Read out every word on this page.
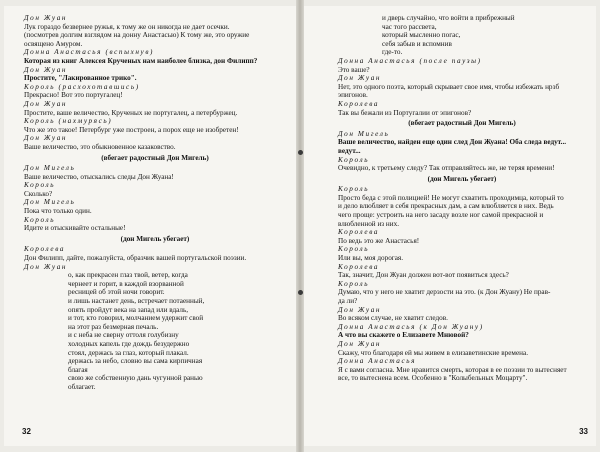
Дон Жуан

Лук гораздо безвернее ружья, к тому же он никогда не дает осечки.

(посмотрев долгим взглядом на донну Анастасью) К тому же, это оружие

освящено Амуром.

Донна Анастасья (вспыхнув)

Которая из книг Алексея Крученых нам наиболее близка, дон Филипп?

Дон Жуан

Простите, "Лакированное трико".

Король (расхохотавшись)

Прекрасно! Вот это португалец!

Дон Жуан

Простите, ваше величество, Крученых не португалец, а петербуржец.

Король (нахмурясь)

Что же это такое! Петербург уже построен, а порох еще не изобретен!

Дон Жуан

Ваше величество, это обыкновенное казаковство.

(вбегает радостный Дон Мигель)

Дон Мигель

Ваше величество, отыскались следы Дон Жуана!

Король

Сколько?

Дон Мигель

Пока что только один.

Король

Идите и отыскивайте остальные!

(дон Мигель убегает)

Королева

Дон Филипп, дайте, пожалуйста, образчик вашей португальской поэзии.

Дон Жуан

о, как прекрасен глаз твой, ветер, когда

чернеет и горит, в каждой взорванной

ресницей об этой ночи говорит.

и лишь настанет день, встречает потаенный,

опять пройдут века на запад или вдаль,

и тот, кто говорил, молчанием удержит свой

на этот раз безмерная печаль.

и с неба не сверну оттоля голубизну

холодных капель где дождь безудержно

стоял, держась за глаз, который плакал.

держась за небо, словно вы сама кирпичная

благая

свою же собственную дань чугунной ранью

облагает.

32

и дверь случайно, что войти в прибрежный

час того рассвета,

который мысленно погас,

себя забыв и вспомнив

где-то.

Донна Анастасья (после паузы)

Это ваше?

Дон Жуан

Нет, это одного поэта, который скрывает свое имя, чтобы избежать нрзб

эпигонов.

Королева

Так вы бежали из Португалии от эпигонов?

(вбегает радостный Дон Мигель)

Дон Мигель

Ваше величество, найден еще один след Дон Жуана! Оба следа ведут...

ведут...

Король

Очевидно, к третьему следу? Так отправляйтесь же, не теряя времени!

(дон Мигель убегает)

Король

Просто беда с этой полицией! Не могут схватить проходимца, который то

и дело влюбляет в себя прекрасных дам, а сам влюбляется в них. Ведь

чего проще: устроить на него засаду возле ног самой прекрасной и

влюбленной из них.

Королева

По ведь это же Анастасья!

Король

Или вы, моя дорогая.

Королева

Так, значит, Дон Жуан должен вот-вот появиться здесь?

Король

Думаю, что у него не хватит дерзости на это. (к Дон Жуану) Не прав-

да ли?

Дон Жуан

Во всяком случае, не хватит следов.

Донна Анастасья (к Дон Жуану)

А что вы скажете о Елизавете Мнювой?

Дон Жуан

Скажу, что благодаря ей мы живем в елизаветинские времена.

Донна Анастасья

Я с вами согласна. Мне нравится смерть, которая в ее поэзии то вытесняет

все, то вытеснена всем. Особенно в "Колыбельных Моцарту".

33
